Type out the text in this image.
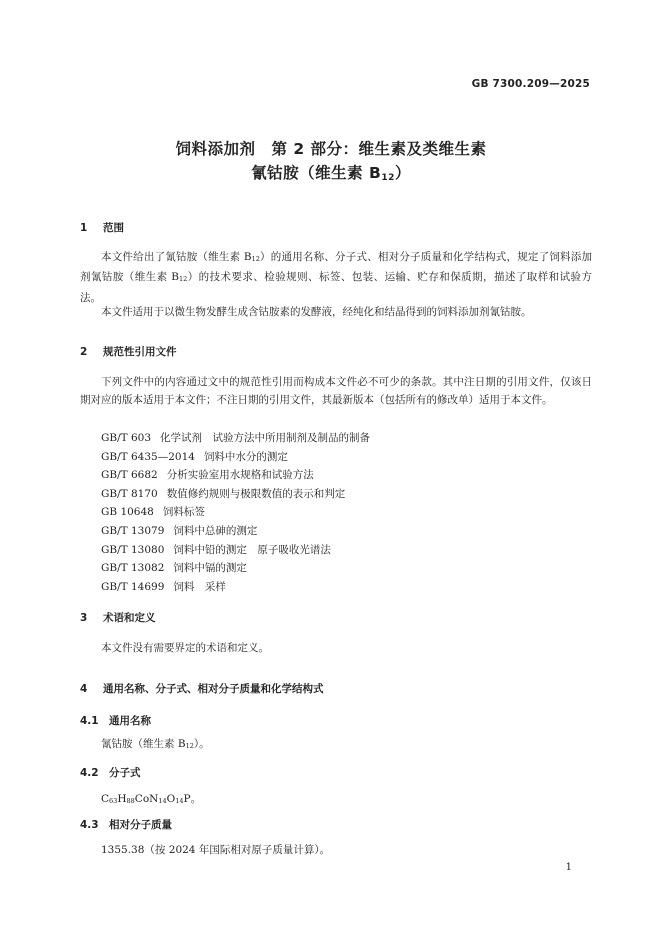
GB 7300.209—2025
饲料添加剂　第 2 部分：维生素及类维生素
氰钴胺（维生素 B12）
1 范围

本文件给出了氰钴胺（维生素 $B_{12}$）的通用名称、分子式、相对分子质量和化学结构式，规定了饲料添加剂氰钴胺（维生素 $B_{12}$）的技术要求、检验规则、标签、包装、运输、贮存和保质期，描述了取样和试验方法。

本文件适用于以微生物发酵生成含钴胺素的发酵液，经纯化和结晶得到的饲料添加剂氰钴胺。

2 规范性引用文件

下列文件中的内容通过文中的规范性引用而构成本文件必不可少的条款。其中注日期的引用文件，仅该日期对应的版本适用于本文件；不注日期的引用文件，其最新版本（包括所有的修改单）适用于本文件。

GB/T 603 化学试剂　试验方法中所用制剂及制品的制备
GB/T 6435—2014 饲料中水分的测定
GB/T 6682 分析实验室用水规格和试验方法
GB/T 8170 数值修约规则与极限数值的表示和判定
GB 10648 饲料标签
GB/T 13079 饲料中总砷的测定
GB/T 13080 饲料中铅的测定　原子吸收光谱法
GB/T 13082 饲料中镉的测定
GB/T 14699 饲料　采样
3 术语和定义
本文件没有需要界定的术语和定义。
4 通用名称、分子式、相对分子质量和化学结构式
4.1 通用名称
氰钴胺（维生素 $B_{12}$）。
4.2 分子式
$C_{63}H_{88}CoN_{14}O_{14}P$。
4.3 相对分子质量
1355.38（按 2024 年国际相对原子质量计算）。
1
